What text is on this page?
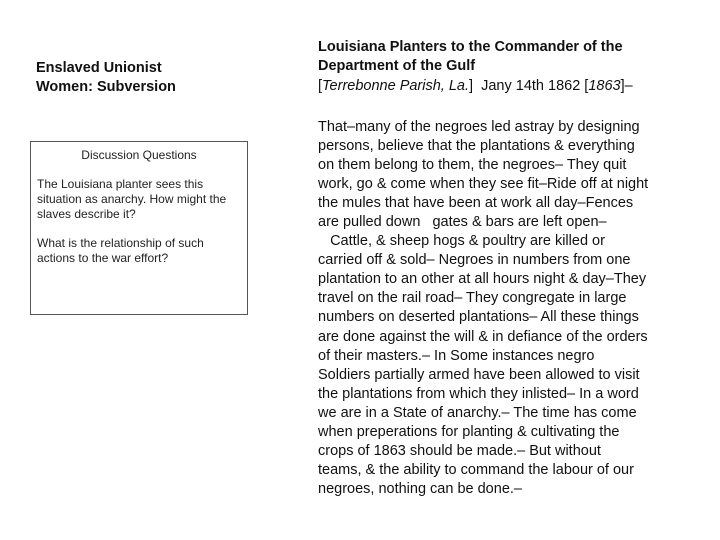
Enslaved Unionist
Women: Subversion
Discussion Questions
The Louisiana planter sees this situation as anarchy. How might the slaves describe it?
What is the relationship of such actions to the war effort?
Louisiana Planters to the Commander of the
Department of the Gulf
[Terrebonne Parish, La.]  Jany 14th 1862 [1863]–
That–many of the negroes led astray by designing
persons, believe that the plantations & everything
on them belong to them, the negroes– They quit
work, go & come when they see fit–Ride off at night
the mules that have been at work all day–Fences
are pulled down   gates & bars are left open–
Cattle, & sheep hogs & poultry are killed or
carried off & sold– Negroes in numbers from one
plantation to an other at all hours night & day–They
travel on the rail road– They congregate in large
numbers on deserted plantations– All these things
are done against the will & in defiance of the orders
of their masters.– In Some instances negro
Soldiers partially armed have been allowed to visit
the plantations from which they inlisted– In a word
we are in a State of anarchy.– The time has come
when preperations for planting & cultivating the
crops of 1863 should be made.– But without
teams, & the ability to command the labour of our
negroes, nothing can be done.–
